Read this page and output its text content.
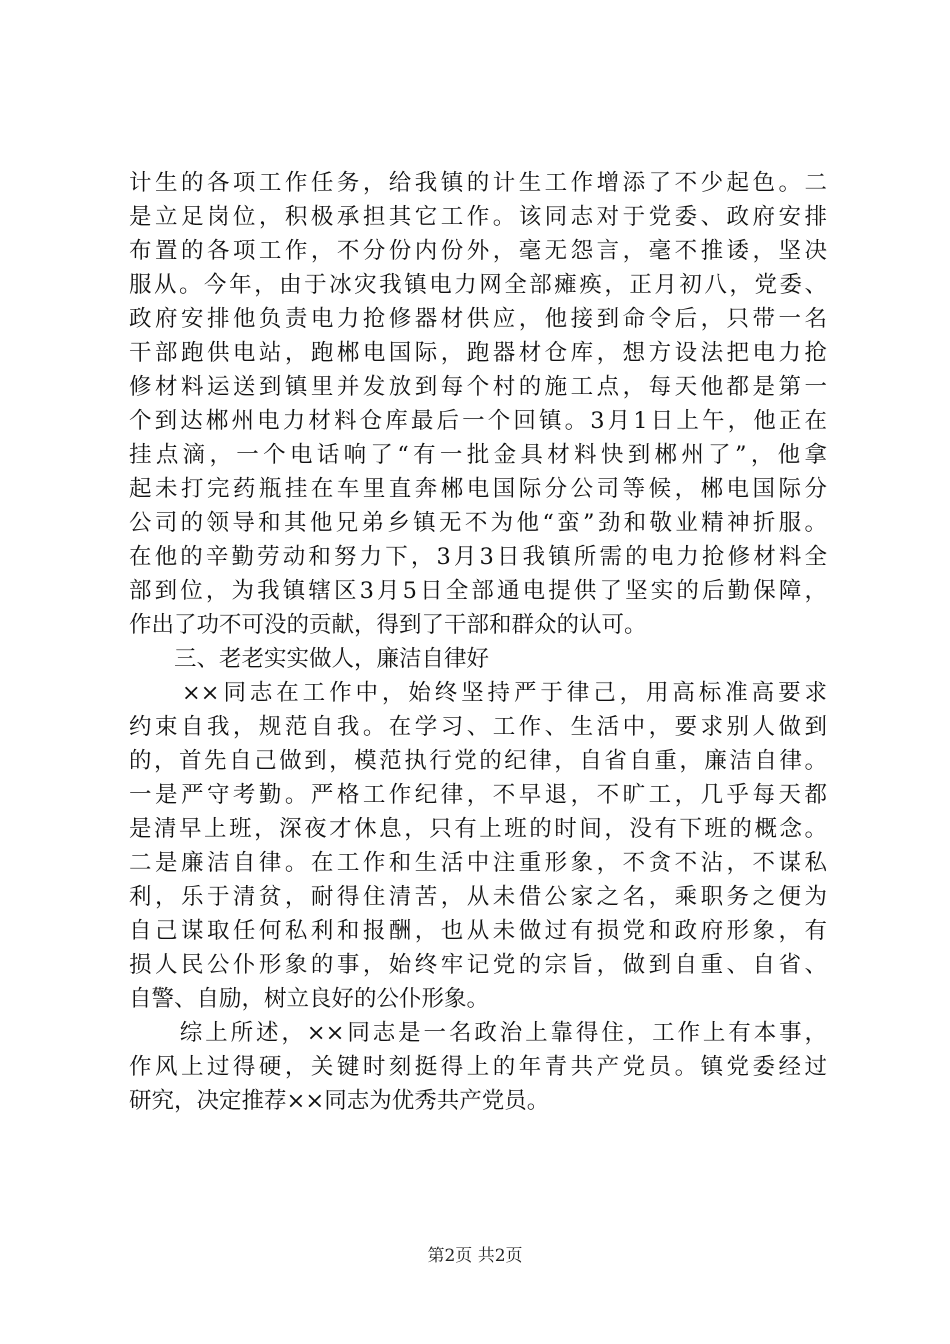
计生的各项工作任务，给我镇的计生工作增添了不少起色。二
是立足岗位，积极承担其它工作。该同志对于党委、政府安排
布置的各项工作，不分份内份外，毫无怨言，毫不推诿，坚决
服从。今年，由于冰灾我镇电力网全部瘫痪，正月初八，党委、
政府安排他负责电力抢修器材供应，他接到命令后，只带一名
干部跑供电站，跑郴电国际，跑器材仓库，想方设法把电力抢
修材料运送到镇里并发放到每个村的施工点，每天他都是第一
个到达郴州电力材料仓库最后一个回镇。3月1日上午，他正在
挂点滴，一个电话响了“有一批金具材料快到郴州了”，他拿
起未打完药瓶挂在车里直奔郴电国际分公司等候，郴电国际分
公司的领导和其他兄弟乡镇无不为他“蛮”劲和敬业精神折服。
在他的辛勤劳动和努力下，3月3日我镇所需的电力抢修材料全
部到位，为我镇辖区3月5日全部通电提供了坚实的后勤保障，
作出了功不可没的贡献，得到了干部和群众的认可。
　　三、老老实实做人，廉洁自律好
　　××同志在工作中，始终坚持严于律己，用高标准高要求
约束自我，规范自我。在学习、工作、生活中，要求别人做到
的，首先自己做到，模范执行党的纪律，自省自重，廉洁自律。
一是严守考勤。严格工作纪律，不早退，不旷工，几乎每天都
是清早上班，深夜才休息，只有上班的时间，没有下班的概念。
二是廉洁自律。在工作和生活中注重形象，不贪不沾，不谋私
利，乐于清贫，耐得住清苦，从未借公家之名，乘职务之便为
自己谋取任何私利和报酬，也从未做过有损党和政府形象，有
损人民公仆形象的事，始终牢记党的宗旨，做到自重、自省、
自警、自励，树立良好的公仆形象。
　　综上所述，××同志是一名政治上靠得住，工作上有本事，
作风上过得硬，关键时刻挺得上的年青共产党员。镇党委经过
研究，决定推荐××同志为优秀共产党员。
第2页 共2页
